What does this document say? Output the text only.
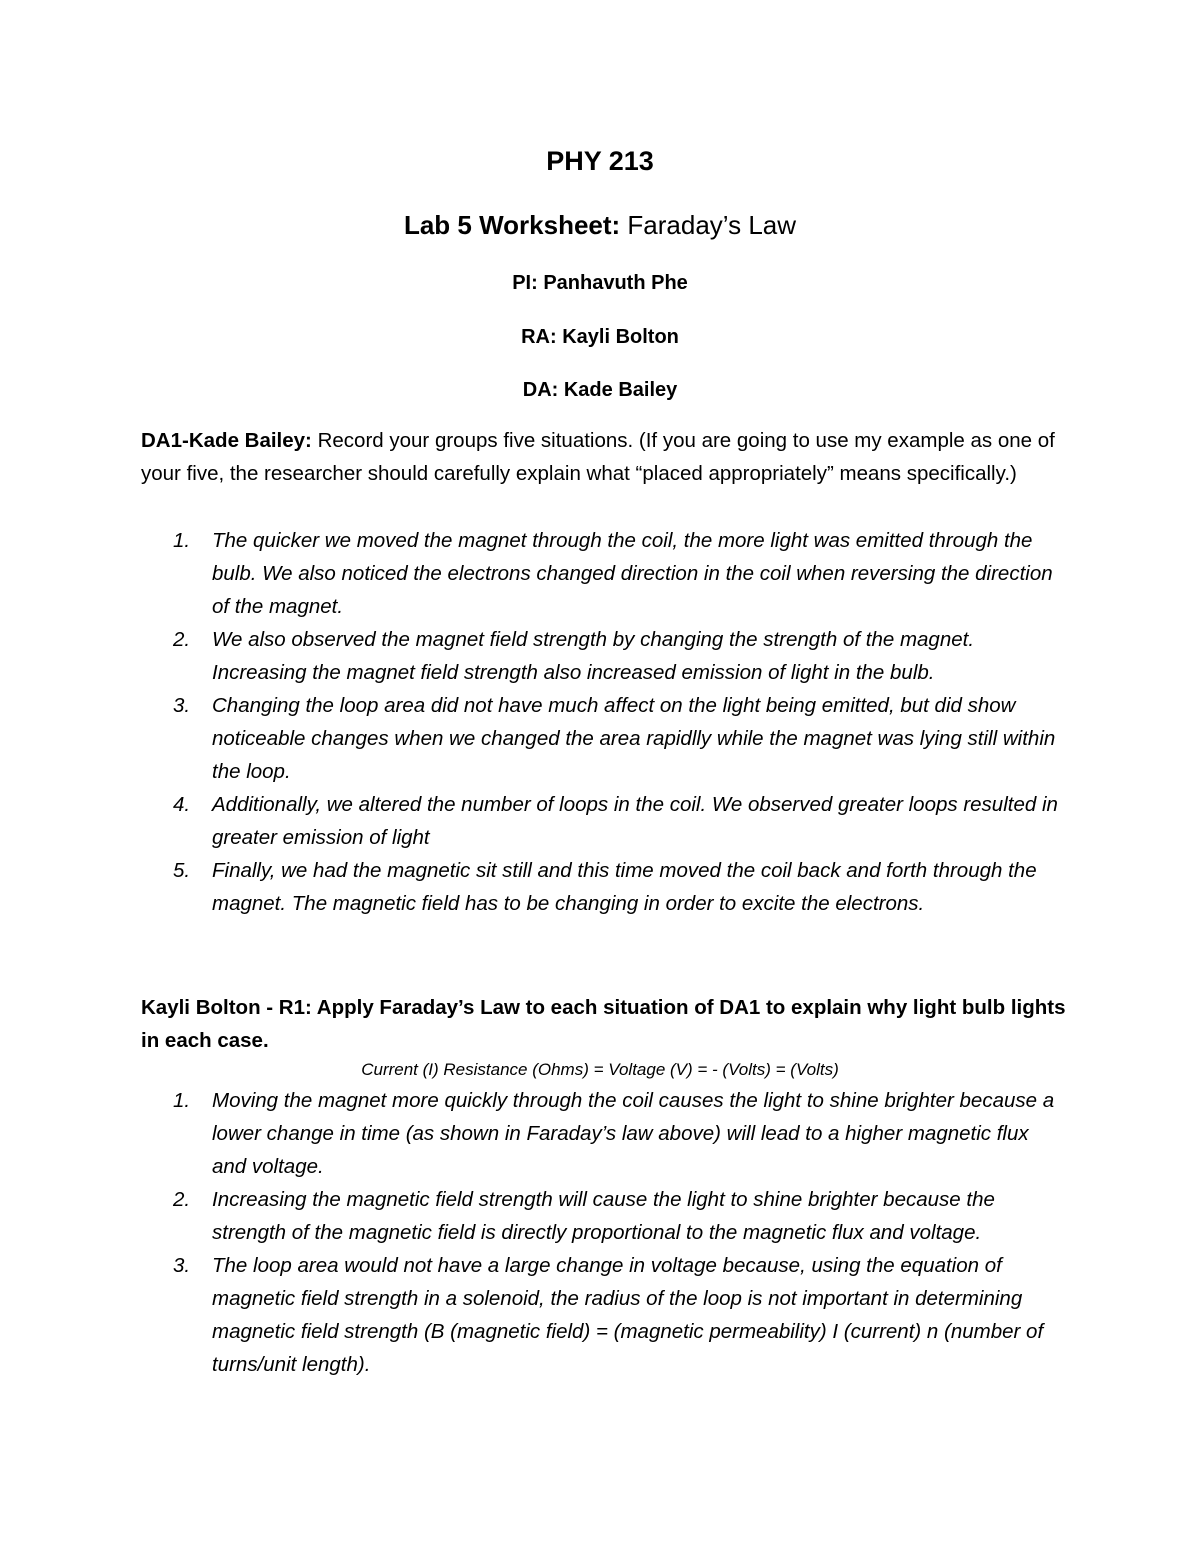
PHY 213
Lab 5 Worksheet: Faraday’s Law
PI: Panhavuth Phe
RA: Kayli Bolton
DA: Kade Bailey
DA1-Kade Bailey: Record your groups five situations. (If you are going to use my example as one of your five, the researcher should carefully explain what “placed appropriately” means specifically.)
1. The quicker we moved the magnet through the coil, the more light was emitted through the bulb. We also noticed the electrons changed direction in the coil when reversing the direction of the magnet.
2. We also observed the magnet field strength by changing the strength of the magnet. Increasing the magnet field strength also increased emission of light in the bulb.
3. Changing the loop area did not have much affect on the light being emitted, but did show noticeable changes when we changed the area rapidlly while the magnet was lying still within the loop.
4. Additionally, we altered the number of loops in the coil. We observed greater loops resulted in greater emission of light
5. Finally, we had the magnetic sit still and this time moved the coil back and forth through the magnet. The magnetic field has to be changing in order to excite the electrons.
Kayli Bolton - R1: Apply Faraday’s Law to each situation of DA1 to explain why light bulb lights in each case.
Current (I) Resistance (Ohms) = Voltage (V) = - (Volts) = (Volts)
1. Moving the magnet more quickly through the coil causes the light to shine brighter because a lower change in time (as shown in Faraday’s law above) will lead to a higher magnetic flux and voltage.
2. Increasing the magnetic field strength will cause the light to shine brighter because the strength of the magnetic field is directly proportional to the magnetic flux and voltage.
3. The loop area would not have a large change in voltage because, using the equation of magnetic field strength in a solenoid, the radius of the loop is not important in determining magnetic field strength (B (magnetic field) = (magnetic permeability) I (current) n (number of turns/unit length).
